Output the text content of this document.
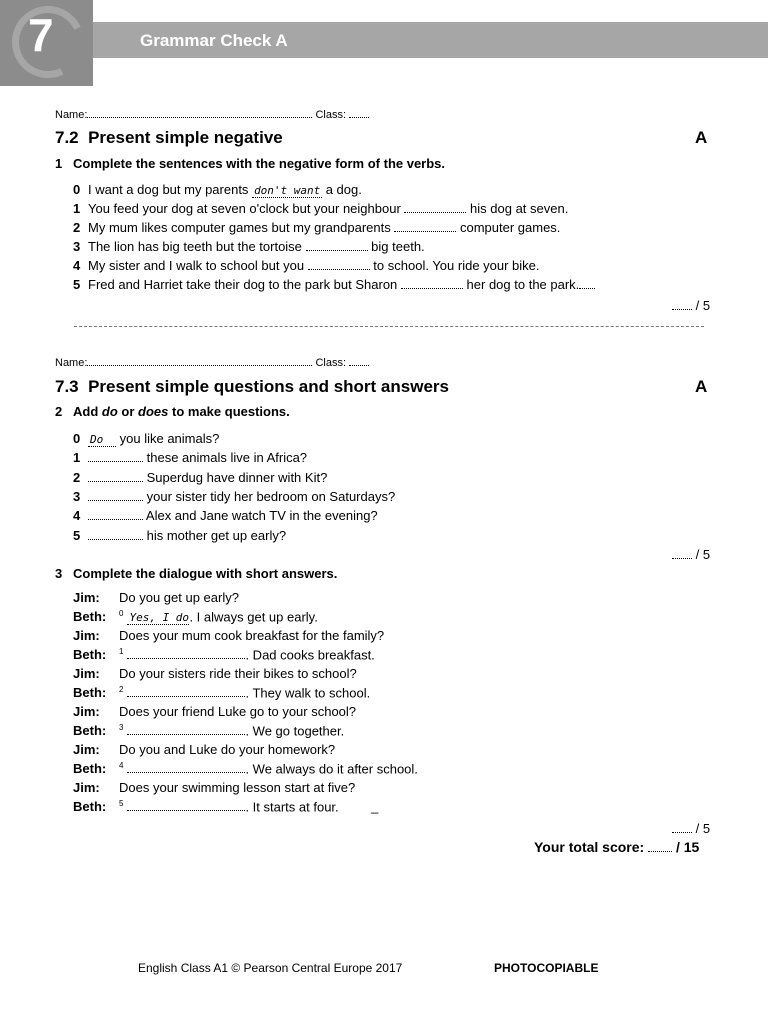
7	Grammar Check A
Name:	Class:
7.2 Present simple negative	A
1 Complete the sentences with the negative form of the verbs.
0 I want a dog but my parents don't want a dog.
1 You feed your dog at seven o'clock but your neighbour	his dog at seven.
2 My mum likes computer games but my grandparents	computer games.
3 The lion has big teeth but the tortoise	big teeth.
4 My sister and I walk to school but you	to school. You ride your bike.
5 Fred and Harriet take their dog to the park but Sharon	her dog to the park.
/ 5
Name:	Class:
7.3 Present simple questions and short answers	A
2 Add do or does to make questions.
0 Do you like animals?
1	these animals live in Africa?
2	Superdug have dinner with Kit?
3	your sister tidy her bedroom on Saturdays?
4	Alex and Jane watch TV in the evening?
5	his mother get up early?
/ 5
3 Complete the dialogue with short answers.
Jim: Do you get up early?
Beth: $^0$ Yes, I do. I always get up early.
Jim: Does your mum cook breakfast for the family?
Beth: $^1$	. Dad cooks breakfast.
Jim: Do your sisters ride their bikes to school?
Beth: $^2$	. They walk to school.
Jim: Does your friend Luke go to your school?
Beth: $^3$	. We go together.
Jim: Do you and Luke do your homework?
Beth: $^4$	. We always do it after school.
Jim: Does your swimming lesson start at five?
Beth: $^5$	. It starts at four. _
/ 5
Your total score: / 15
English Class A1 © Pearson Central Europe 2017	PHOTOCOPIABLE
